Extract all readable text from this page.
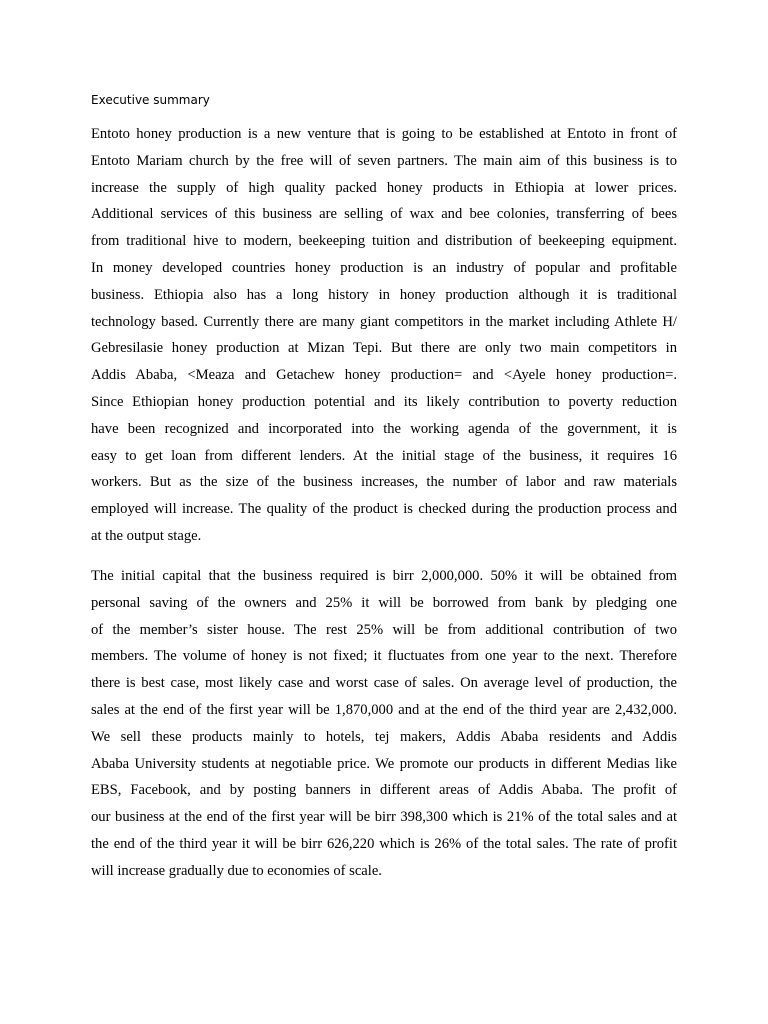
Executive summary
Entoto honey production is a new venture that is going to be established at Entoto in front of
Entoto Mariam church by the free will of seven partners. The main aim of this business is to
increase the supply of high quality packed honey products in Ethiopia at lower prices.
Additional services of this business are selling of wax and bee colonies, transferring of bees
from traditional hive to modern, beekeeping tuition and distribution of beekeeping equipment.
In money developed countries honey production is an industry of popular and profitable
business. Ethiopia also has a long history in honey production although it is traditional
technology based. Currently there are many giant competitors in the market including Athlete H/
Gebresilasie honey production at Mizan Tepi. But there are only two main competitors in
Addis Ababa, <Meaza and Getachew honey production= and <Ayele honey production=.
Since Ethiopian honey production potential and its likely contribution to poverty reduction
have been recognized and incorporated into the working agenda of the government, it is
easy to get loan from different lenders. At the initial stage of the business, it requires 16
workers. But as the size of the business increases, the number of labor and raw materials
employed will increase. The quality of the product is checked during the production process and
at the output stage.
The initial capital that the business required is birr 2,000,000. 50% it will be obtained from
personal saving of the owners and 25% it will be borrowed from bank by pledging one
of the member’s sister house. The rest 25% will be from additional contribution of two
members. The volume of honey is not fixed; it fluctuates from one year to the next. Therefore
there is best case, most likely case and worst case of sales. On average level of production, the
sales at the end of the first year will be 1,870,000 and at the end of the third year are 2,432,000.
We sell these products mainly to hotels, tej makers, Addis Ababa residents and Addis
Ababa University students at negotiable price. We promote our products in different Medias like
EBS, Facebook, and by posting banners in different areas of Addis Ababa. The profit of
our business at the end of the first year will be birr 398,300 which is 21% of the total sales and at
the end of the third year it will be birr 626,220 which is 26% of the total sales. The rate of profit
will increase gradually due to economies of scale.
